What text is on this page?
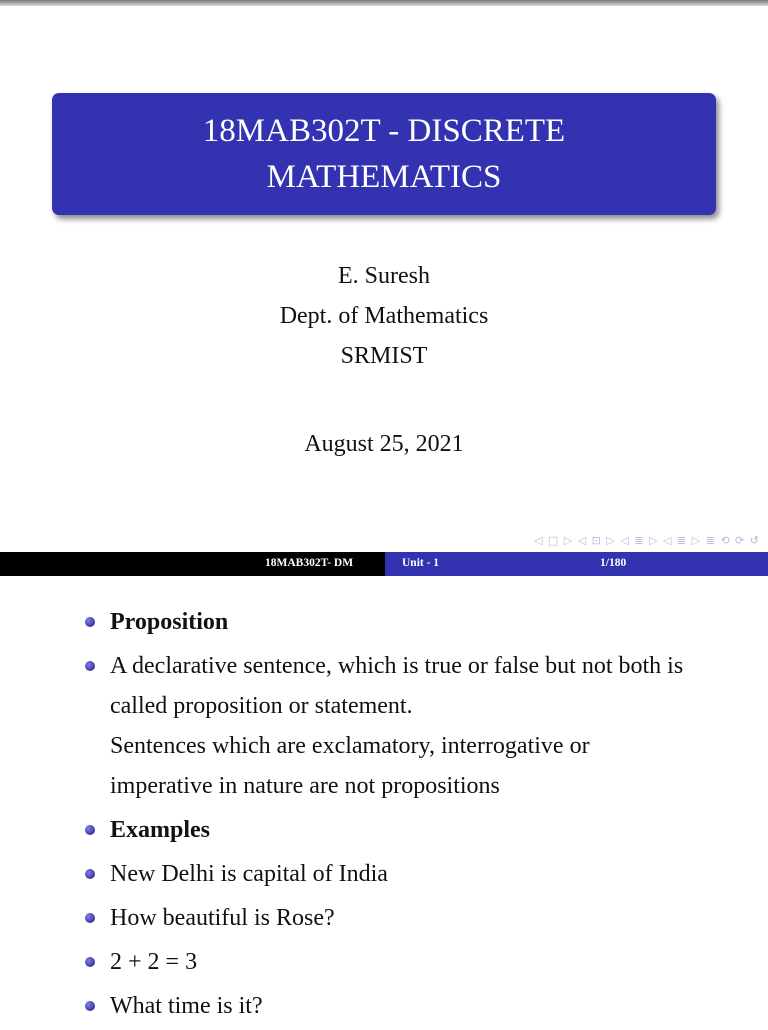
18MAB302T - DISCRETE
MATHEMATICS
E. Suresh
Dept. of Mathematics
SRMIST
August 25, 2021
◁ □ ▷ ◁ ⊡ ▷ ◁ ≣ ▷ ◁ ≣ ▷ ≣ ⟲ ⟳ ↺
18MAB302T- DM	Unit - 1	1/180
Proposition
A declarative sentence, which is true or false but not both is called proposition or statement.
Sentences which are exclamatory, interrogative or imperative in nature are not propositions
Examples
New Delhi is capital of India
How beautiful is Rose?
2 + 2 = 3
What time is it?
